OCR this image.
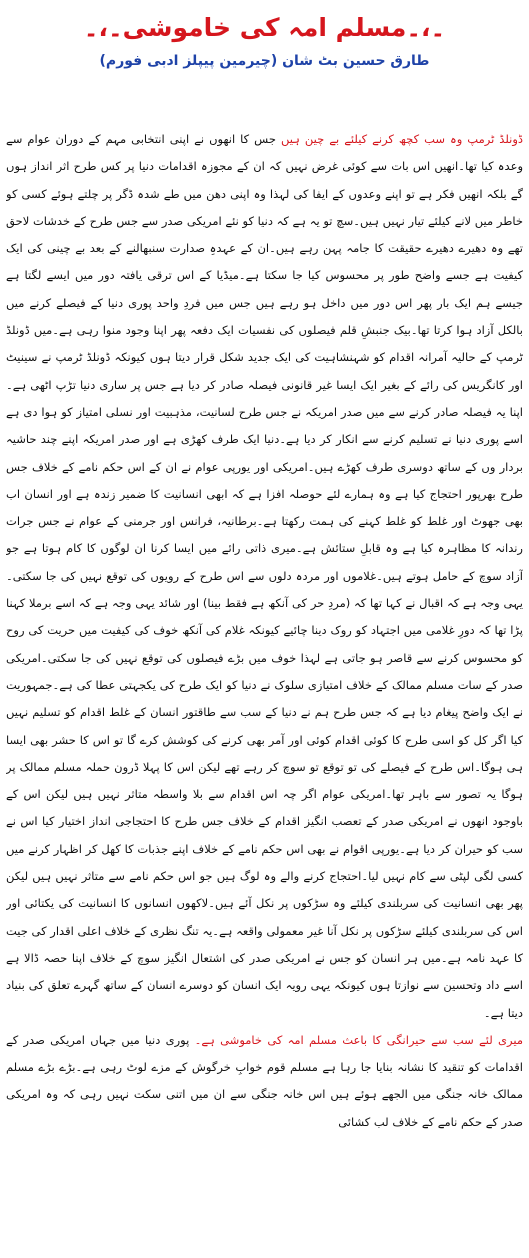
۔،۔مسلم امہ کی خاموشی۔،۔

طارق حسین بٹ شان (چیرمین پیپلز ادبی فورم)

ڈونلڈ ٹرمپ وہ سب کچھ کرنے کیلئے بے چین ہیں جس کا انھوں نے اپنی انتخابی مہم کے دوران عوام سے وعدہ کیا تھا۔انھیں اس بات سے کوئی غرض نہیں کہ ان کے مجوزہ اقدامات دنیا پر کس طرح اثر انداز ہوں گے بلکہ انھیں فکر ہے تو اپنے وعدوں کے ایفا کی لہذا وہ اپنی دھن میں طے شدہ ڈگر پر چلتے ہوئے کسی کو خاطر میں لانے کیلئے تیار نہیں ہیں۔سچ تو یہ ہے کہ دنیا کو نئے امریکی صدر سے جس طرح کے خدشات لاحق تھے وہ دھیرے دھیرے حقیقت کا جامہ پہن رہے ہیں۔ان کے عہدہِ صدارت سنبھالنے کے بعد بے چینی کی ایک کیفیت ہے جسے واضح طور پر محسوس کیا جا سکتا ہے۔میڈیا کے اس ترقی یافتہ دور میں ایسے لگتا ہے جیسے ہم ایک بار پھر اس دور میں داخل ہو رہے ہیں جس میں فردِ واحد پوری دنیا کے فیصلے کرنے میں بالکل آزاد ہوا کرتا تھا۔بیک جنبشِ قلم فیصلوں کی نفسیات ایک دفعہ پھر اپنا وجود منوا رہی ہے۔میں ڈونلڈ ٹرمپ کے حالیہ آمرانہ اقدام کو شہنشاہیت کی ایک جدید شکل قرار دیتا ہوں کیونکہ ڈونلڈ ٹرمپ نے سینیٹ اور کانگریس کی رائے کے بغیر ایک ایسا غیر قانونی فیصلہ صادر کر دیا ہے جس پر ساری دنیا تڑپ اٹھی ہے۔اپنا یہ فیصلہ صادر کرنے سے میں صدر امریکہ نے جس طرح لسانیت، مذہبیت اور نسلی امتیاز کو ہوا دی ہے اسے پوری دنیا نے تسلیم کرنے سے انکار کر دیا ہے۔دنیا ایک طرف کھڑی ہے اور صدر امریکہ اپنے چند حاشیہ بردار وں کے ساتھ دوسری طرف کھڑے ہیں۔امریکی اور یورپی عوام نے ان کے اس حکم نامے کے خلاف جس طرح بھرپور احتجاج کیا ہے وہ ہمارے لئے حوصلہ افزا ہے کہ ابھی انسانیت کا ضمیر زندہ ہے اور انسان اب بھی جھوٹ اور غلط کو غلط کہنے کی ہمت رکھتا ہے۔برطانیہ، فرانس اور جرمنی کے عوام نے جس جرات رندانہ کا مظاہرہ کیا ہے وہ قابلِ ستائش ہے۔میری ذاتی رائے میں ایسا کرنا ان لوگوں کا کام ہوتا ہے جو آزاد سوچ کے حامل ہوتے ہیں۔غلاموں اور مردہ دلوں سے اس طرح کے رویوں کی توقع نہیں کی جا سکتی۔یہی وجہ ہے کہ اقبال نے کہا تھا کہ (مردِ حر کی آنکھ ہے فقط بینا) اور شائد یہی وجہ ہے کہ اسے برملا کہنا پڑا تھا کہ دورِ غلامی میں اجتہاد کو روک دینا چائیے کیونکہ غلام کی آنکھ خوف کی کیفیت میں حریت کی روح کو محسوس کرنے سے قاصر ہو جاتی ہے لہذا خوف میں بڑے فیصلوں کی توقع نہیں کی جا سکتی۔امریکی صدر کے سات مسلم ممالک کے خلاف امتیازی سلوک نے دنیا کو ایک طرح کی یکجہتی عطا کی ہے۔جمہوریت نے ایک واضح پیغام دیا ہے کہ جس طرح ہم نے دنیا کے سب سے طاقتور انسان کے غلط اقدام کو تسلیم نہیں کیا اگر کل کو اسی طرح کا کوئی اقدام کوئی اور آمر بھی کرنے کی کوشش کرے گا تو اس کا حشر بھی ایسا ہی ہوگا۔اس طرح کے فیصلے کی تو توقع تو سوچ کر رہے تھے لیکن اس کا پہلا ڈرون حملہ مسلم ممالک پر ہوگا یہ تصور سے باہر تھا۔امریکی عوام اگر چہ اس اقدام سے بلا واسطہ متاثر نہیں ہیں لیکن اس کے باوجود انھوں نے امریکی صدر کے تعصب انگیز اقدام کے خلاف جس طرح کا احتجاجی انداز اختیار کیا اس نے سب کو حیران کر دیا ہے۔یورپی اقوام نے بھی اس حکم نامے کے خلاف اپنے جذبات کا کھل کر اظہار کرنے میں کسی لگی لپٹی سے کام نہیں لیا۔احتجاج کرنے والے وہ لوگ ہیں جو اس حکم نامے سے متاثر نہیں ہیں لیکن پھر بھی انسانیت کی سربلندی کیلئے وہ سڑکوں پر نکل آئے ہیں۔لاکھوں انسانوں کا انسانیت کی یکتائی اور اس کی سربلندی کیلئے سڑکوں پر نکل آنا غیر معمولی واقعہ ہے۔یہ تنگ نظری کے خلاف اعلی اقدار کی جیت کا عہد نامہ ہے۔میں ہر انسان کو جس نے امریکی صدر کی اشتعال انگیز سوچ کے خلاف اپنا حصہ ڈالا ہے اسے داد وتحسین سے نوازتا ہوں کیونکہ یہی رویہ ایک انسان کو دوسرے انسان کے ساتھ گہرے تعلق کی بنیاد دیتا ہے۔

میری لئے سب سے حیرانگی کا باعث مسلم امہ کی خاموشی ہے۔ پوری دنیا میں جہاں امریکی صدر کے اقدامات کو تنقید کا نشانہ بنایا جا رہا ہے مسلم قوم خوابِ خرگوش کے مزے لوٹ رہی ہے۔بڑے بڑے مسلم ممالک خانہ جنگی میں الجھے ہوئے ہیں اس خانہ جنگی سے ان میں اتنی سکت نہیں رہی کہ وہ امریکی صدر کے حکم نامے کے خلاف لب کشائی
